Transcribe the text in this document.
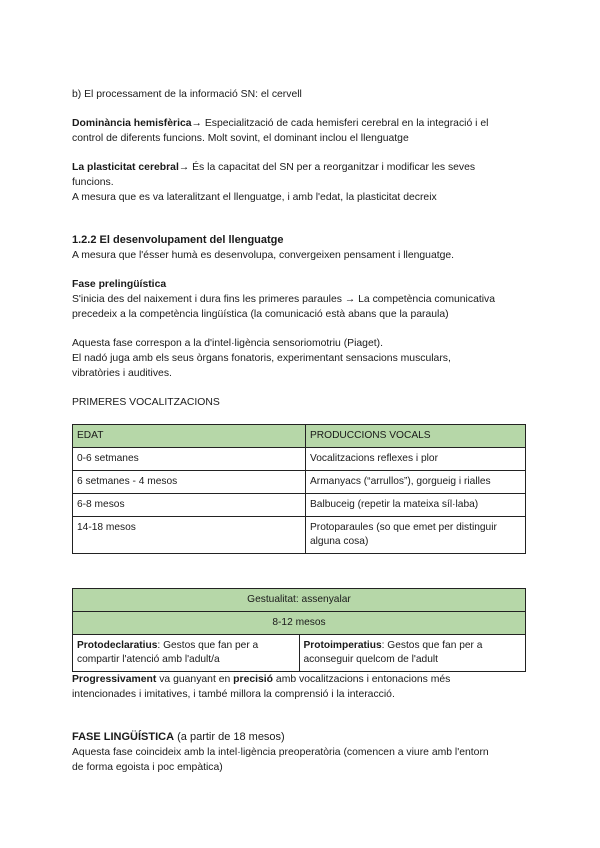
b) El processament de la informació SN: el cervell

Dominància hemisfèrica→ Especialització de cada hemisferi cerebral en la integració i el
control de diferents funcions. Molt sovint, el dominant inclou el llenguatge

La plasticitat cerebral→ És la capacitat del SN per a reorganitzar i modificar les seves
funcions.
A mesura que es va lateralitzant el llenguatge, i amb l'edat, la plasticitat decreix

1.2.2 El desenvolupament del llenguatge
A mesura que l'ésser humà es desenvolupa, convergeixen pensament i llenguatge.

Fase prelingüística
S'inicia des del naixement i dura fins les primeres paraules → La competència comunicativa
precedeix a la competència lingüística (la comunicació està abans que la paraula)

Aquesta fase correspon a la d'intel·ligència sensoriomotriu (Piaget).
El nadó juga amb els seus òrgans fonatoris, experimentant sensacions musculars,
vibratòries i auditives.

PRIMERES VOCALITZACIONS

EDAT	PRODUCCIONS VOCALS
0-6 setmanes	Vocalitzacions reflexes i plor
6 setmanes - 4 mesos	Armanyacs (“arrullos”), gorgueig i rialles
6-8 mesos	Balbuceig (repetir la mateixa síl·laba)
14-18 mesos	Protoparaules (so que emet per distinguir
alguna cosa)
Gestualitat: assenyalar
8-12 mesos
Protodeclaratius: Gestos que fan per a
compartir l'atenció amb l'adult/a	Protoimperatius: Gestos que fan per a
aconseguir quelcom de l'adult

Progressivament va guanyant en precisió amb vocalitzacions i entonacions més
intencionades i imitatives, i també millora la comprensió i la interacció.

FASE LINGÜÍSTICA (a partir de 18 mesos)
Aquesta fase coincideix amb la intel·ligència preoperatòria (comencen a viure amb l'entorn
de forma egoista i poc empàtica)
